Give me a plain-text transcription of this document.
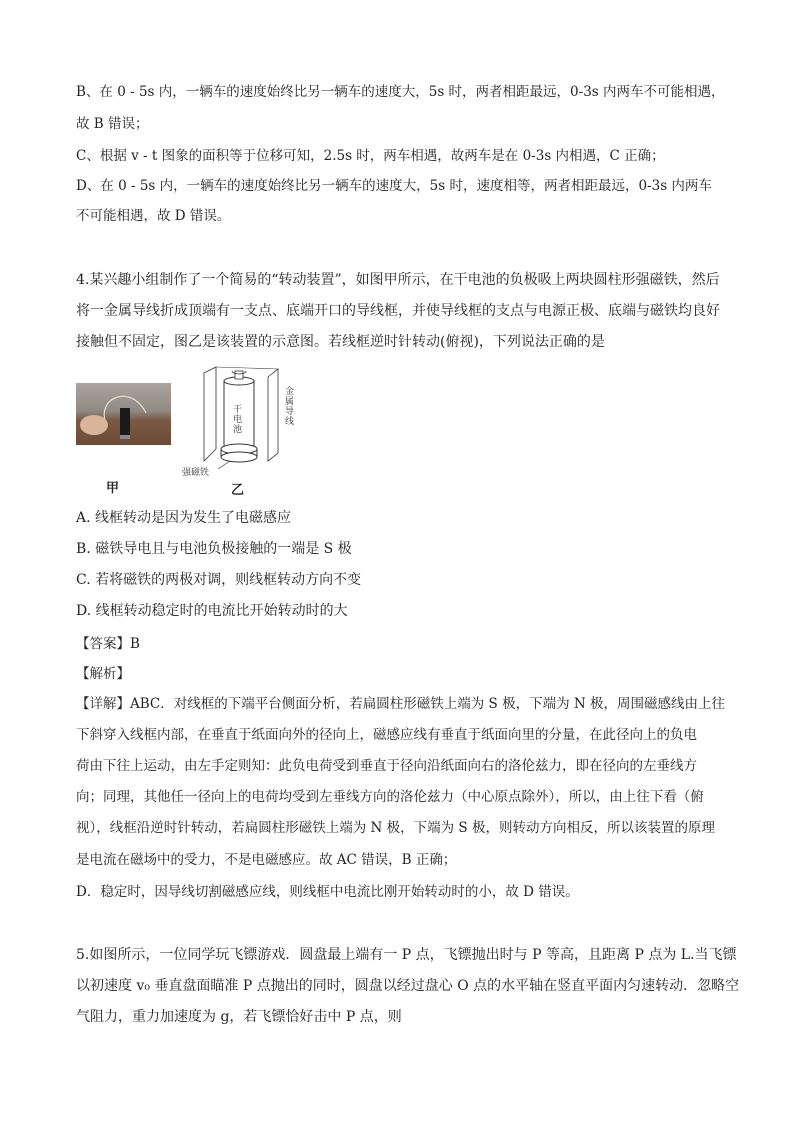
B、在 0 - 5s 内，一辆车的速度始终比另一辆车的速度大，5s 时，两者相距最远，0-3s 内两车不可能相遇，
故 B 错误；
C、根据 v - t 图象的面积等于位移可知，2.5s 时，两车相遇，故两车是在 0-3s 内相遇，C 正确；
D、在 0 - 5s 内，一辆车的速度始终比另一辆车的速度大，5s 时，速度相等，两者相距最远，0-3s 内两车
不可能相遇，故 D 错误。
4.某兴趣小组制作了一个简易的“转动装置”，如图甲所示，在干电池的负极吸上两块圆柱形强磁铁，然后
将一金属导线折成顶端有一支点、底端开口的导线框，并使导线框的支点与电源正极、底端与磁铁均良好
接触但不固定，图乙是该装置的示意图。若线框逆时针转动(俯视)，下列说法正确的是
甲
干电池
金属导线
强磁铁
乙
A. 线框转动是因为发生了电磁感应
B. 磁铁导电且与电池负极接触的一端是 S 极
C. 若将磁铁的两极对调，则线框转动方向不变
D. 线框转动稳定时的电流比开始转动时的大
【答案】B
【解析】
【详解】ABC．对线框的下端平台侧面分析，若扁圆柱形磁铁上端为 S 极，下端为 N 极，周围磁感线由上往
下斜穿入线框内部，在垂直于纸面向外的径向上，磁感应线有垂直于纸面向里的分量，在此径向上的负电
荷由下往上运动，由左手定则知：此负电荷受到垂直于径向沿纸面向右的洛伦兹力，即在径向的左垂线方
向；同理，其他任一径向上的电荷均受到左垂线方向的洛伦兹力（中心原点除外），所以，由上往下看（俯
视），线框沿逆时针转动，若扁圆柱形磁铁上端为 N 极，下端为 S 极，则转动方向相反，所以该装置的原理
是电流在磁场中的受力，不是电磁感应。故 AC 错误，B 正确；
D．稳定时，因导线切割磁感应线，则线框中电流比刚开始转动时的小，故 D 错误。
5.如图所示，一位同学玩飞镖游戏．圆盘最上端有一 P 点，飞镖抛出时与 P 等高，且距离 P 点为 L.当飞镖
以初速度 v₀ 垂直盘面瞄准 P 点抛出的同时，圆盘以经过盘心 O 点的水平轴在竖直平面内匀速转动．忽略空
气阻力，重力加速度为 g，若飞镖恰好击中 P 点，则
